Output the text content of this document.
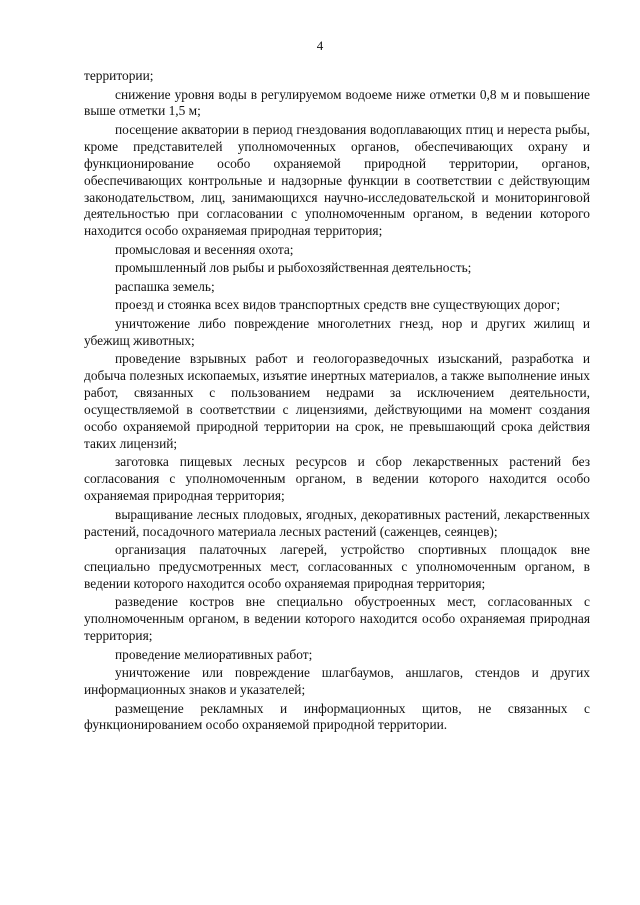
4

территории;

снижение уровня воды в регулируемом водоеме ниже отметки 0,8 м и повышение выше отметки 1,5 м;

посещение акватории в период гнездования водоплавающих птиц и нереста рыбы, кроме представителей уполномоченных органов, обеспечивающих охрану и функционирование особо охраняемой природной территории, органов, обеспечивающих контрольные и надзорные функции в соответствии с действующим законодательством, лиц, занимающихся научно-исследовательской и мониторинговой деятельностью при согласовании с уполномоченным органом, в ведении которого находится особо охраняемая природная территория;

промысловая и весенняя охота;

промышленный лов рыбы и рыбохозяйственная деятельность;

распашка земель;

проезд и стоянка всех видов транспортных средств вне существующих дорог;

уничтожение либо повреждение многолетних гнезд, нор и других жилищ и убежищ животных;

проведение взрывных работ и геологоразведочных изысканий, разработка и добыча полезных ископаемых, изъятие инертных материалов, а также выполнение иных работ, связанных с пользованием недрами за исключением деятельности, осуществляемой в соответствии с лицензиями, действующими на момент создания особо охраняемой природной территории на срок, не превышающий срока действия таких лицензий;

заготовка пищевых лесных ресурсов и сбор лекарственных растений без согласования с уполномоченным органом, в ведении которого находится особо охраняемая природная территория;

выращивание лесных плодовых, ягодных, декоративных растений, лекарственных растений, посадочного материала лесных растений (саженцев, сеянцев);

организация палаточных лагерей, устройство спортивных площадок вне специально предусмотренных мест, согласованных с уполномоченным органом, в ведении которого находится особо охраняемая природная территория;

разведение костров вне специально обустроенных мест, согласованных с уполномоченным органом, в ведении которого находится особо охраняемая природная территория;

проведение мелиоративных работ;

уничтожение или повреждение шлагбаумов, аншлагов, стендов и других информационных знаков и указателей;

размещение рекламных и информационных щитов, не связанных с функционированием особо охраняемой природной территории.
